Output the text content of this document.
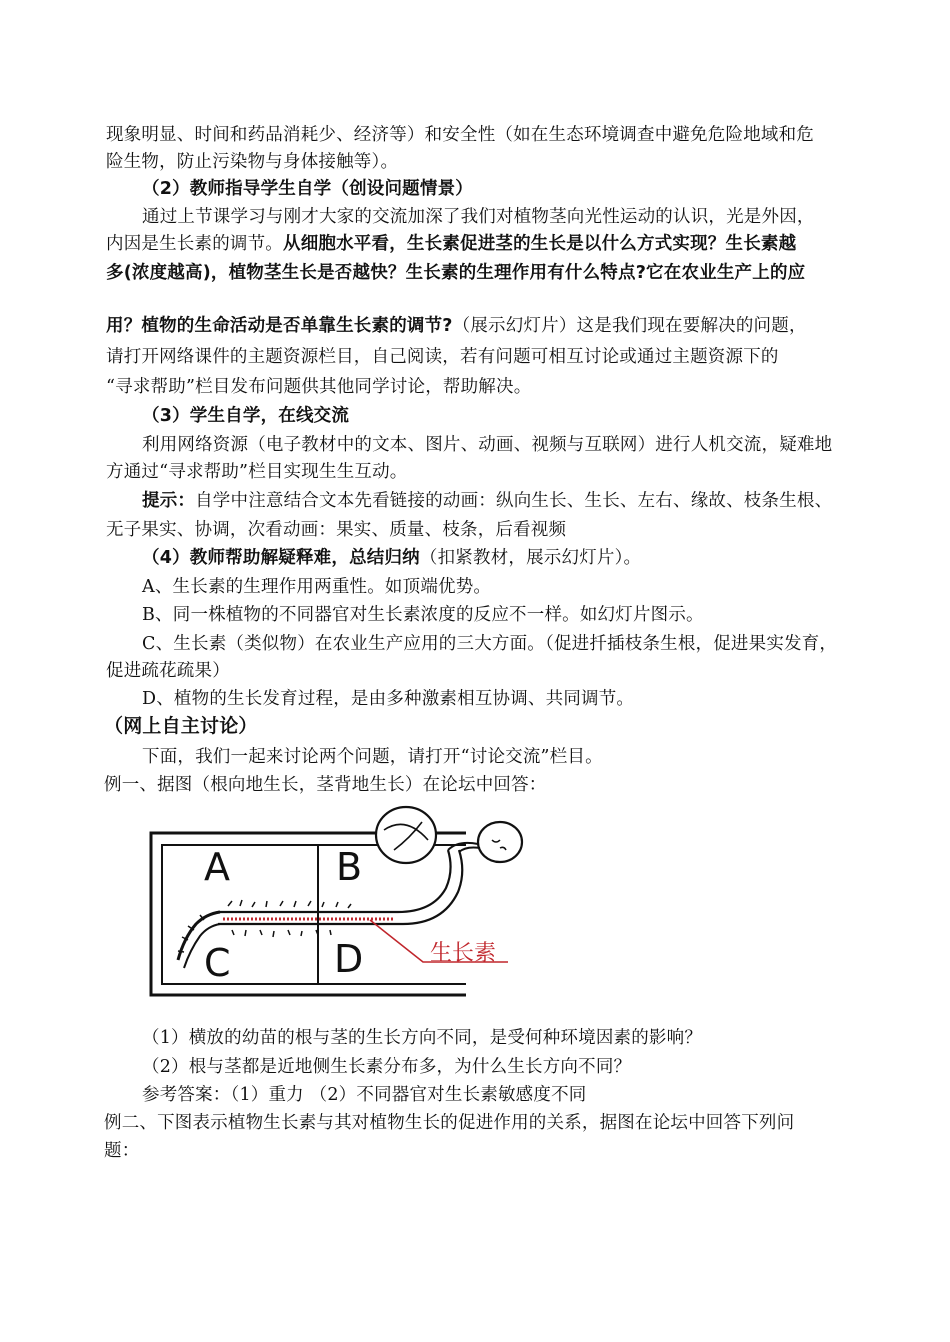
现象明显、时间和药品消耗少、经济等）和安全性（如在生态环境调查中避免危险地域和危
险生物，防止污染物与身体接触等）。
（2）教师指导学生自学（创设问题情景）
通过上节课学习与刚才大家的交流加深了我们对植物茎向光性运动的认识，光是外因，
内因是生长素的调节。从细胞水平看，生长素促进茎的生长是以什么方式实现？生长素越
多(浓度越高)，植物茎生长是否越快？生长素的生理作用有什么特点?它在农业生产上的应
用？植物的生命活动是否单靠生长素的调节?（展示幻灯片）这是我们现在要解决的问题，
请打开网络课件的主题资源栏目，自己阅读，若有问题可相互讨论或通过主题资源下的
“寻求帮助”栏目发布问题供其他同学讨论，帮助解决。
（3）学生自学，在线交流
利用网络资源（电子教材中的文本、图片、动画、视频与互联网）进行人机交流，疑难地
方通过“寻求帮助”栏目实现生生互动。
提示：自学中注意结合文本先看链接的动画：纵向生长、生长、左右、缘故、枝条生根、
无子果实、协调，次看动画：果实、质量、枝条，后看视频
（4）教师帮助解疑释难，总结归纳（扣紧教材，展示幻灯片）。
A、生长素的生理作用两重性。如顶端优势。
B、同一株植物的不同器官对生长素浓度的反应不一样。如幻灯片图示。
C、生长素（类似物）在农业生产应用的三大方面。（促进扦插枝条生根，促进果实发育，
促进疏花疏果）
D、植物的生长发育过程，是由多种激素相互协调、共同调节。
（网上自主讨论）
下面，我们一起来讨论两个问题，请打开“讨论交流”栏目。
例一、据图（根向地生长，茎背地生长）在论坛中回答：
A	B
C	D	生长素
（1）横放的幼苗的根与茎的生长方向不同，是受何种环境因素的影响？
（2）根与茎都是近地侧生长素分布多，为什么生长方向不同？
参考答案：（1）重力 （2）不同器官对生长素敏感度不同
例二、下图表示植物生长素与其对植物生长的促进作用的关系，据图在论坛中回答下列问
题：
